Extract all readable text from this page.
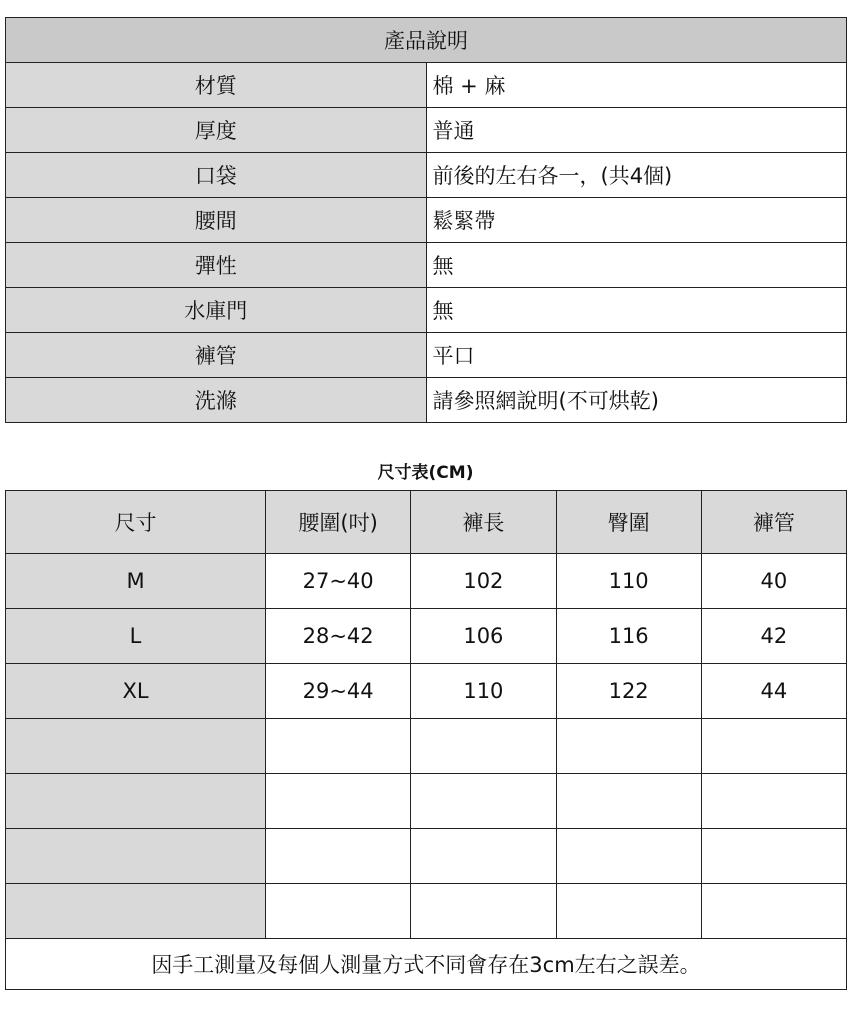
產品說明	
材質	棉 + 麻
厚度	普通
口袋	前後的左右各一，(共4個)
腰間	鬆緊帶
彈性	無
水庫門	無
褲管	平口
洗滌	請參照網說明(不可烘乾)
尺寸表(CM)
尺寸	腰圍(吋)	褲長	臀圍	褲管
M	27~40	102	110	40
L	28~42	106	116	42
XL	29~44	110	122	44

因手工測量及每個人測量方式不同會存在3cm左右之誤差。				
